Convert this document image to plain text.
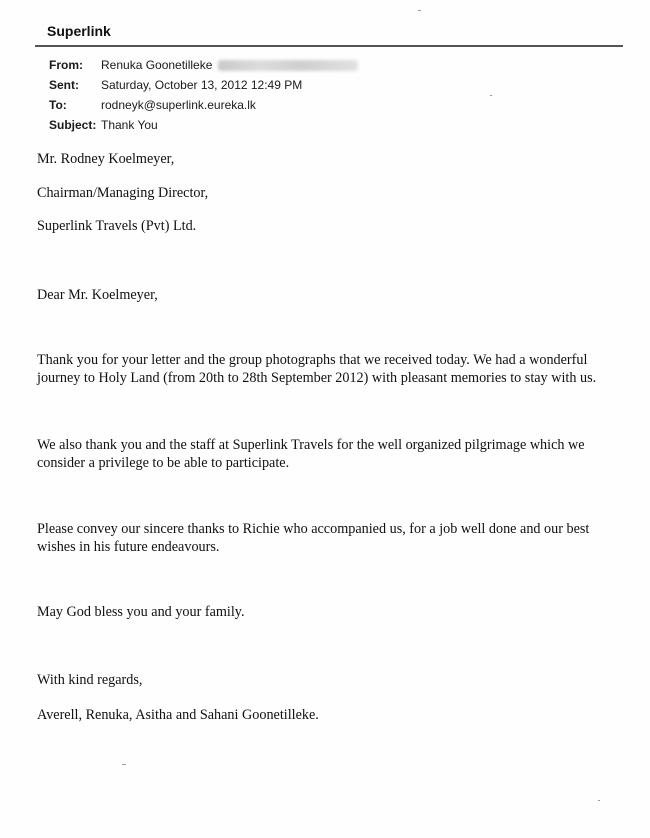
Superlink
From:	Renuka Goonetilleke
Sent:	Saturday, October 13, 2012 12:49 PM
To:	rodneyk@superlink.eureka.lk
Subject: Thank You
Mr. Rodney Koelmeyer,
Chairman/Managing Director,
Superlink Travels (Pvt) Ltd.
Dear Mr. Koelmeyer,
Thank you for your letter and the group photographs that we received today. We had a wonderful
journey to Holy Land (from 20th to 28th September 2012) with pleasant memories to stay with us.
We also thank you and the staff at Superlink Travels for the well organized pilgrimage which we
consider a privilege to be able to participate.
Please convey our sincere thanks to Richie who accompanied us, for a job well done and our best
wishes in his future endeavours.
May God bless you and your family.
With kind regards,
Averell, Renuka, Asitha and Sahani Goonetilleke.
